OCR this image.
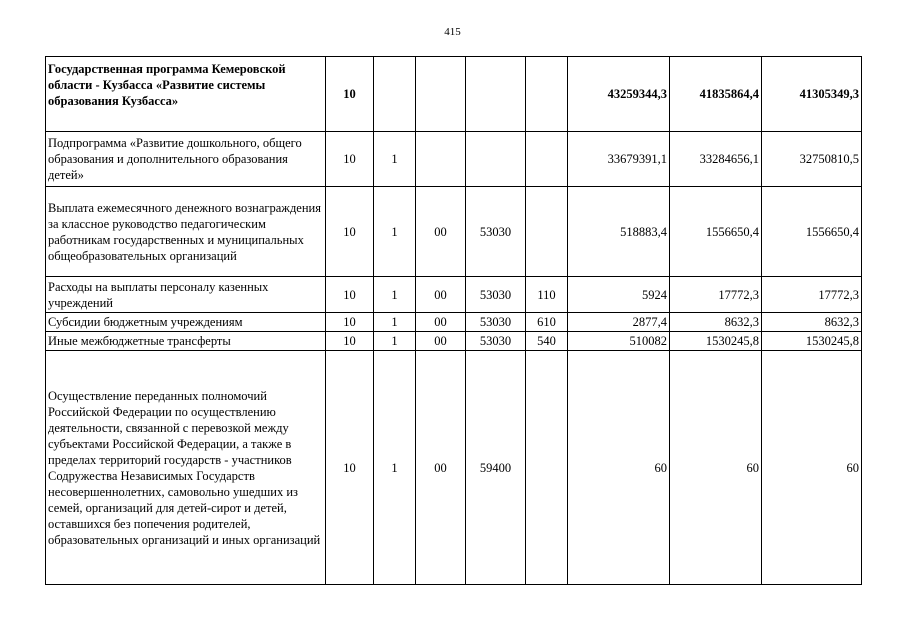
415
Государственная программа Кемеровской области - Кузбасса «Развитие системы образования Кузбасса»	10					43259344,3	41835864,4	41305349,3
Подпрограмма «Развитие дошкольного, общего образования и дополнительного образования детей»	10	1				33679391,1	33284656,1	32750810,5
Выплата ежемесячного денежного вознаграждения за классное руководство педагогическим работникам государственных и муниципальных общеобразовательных организаций	10	1	00	53030		518883,4	1556650,4	1556650,4
Расходы на выплаты персоналу казенных учреждений	10	1	00	53030	110	5924	17772,3	17772,3
Субсидии бюджетным учреждениям	10	1	00	53030	610	2877,4	8632,3	8632,3
Иные межбюджетные трансферты	10	1	00	53030	540	510082	1530245,8	1530245,8
Осуществление переданных полномочий Российской Федерации по осуществлению деятельности, связанной с перевозкой между субъектами Российской Федерации, а также в пределах территорий государств - участников Содружества Независимых Государств несовершеннолетних, самовольно ушедших из семей, организаций для детей-сирот и детей, оставшихся без попечения родителей, образовательных организаций и иных организаций	10	1	00	59400		60	60	60
